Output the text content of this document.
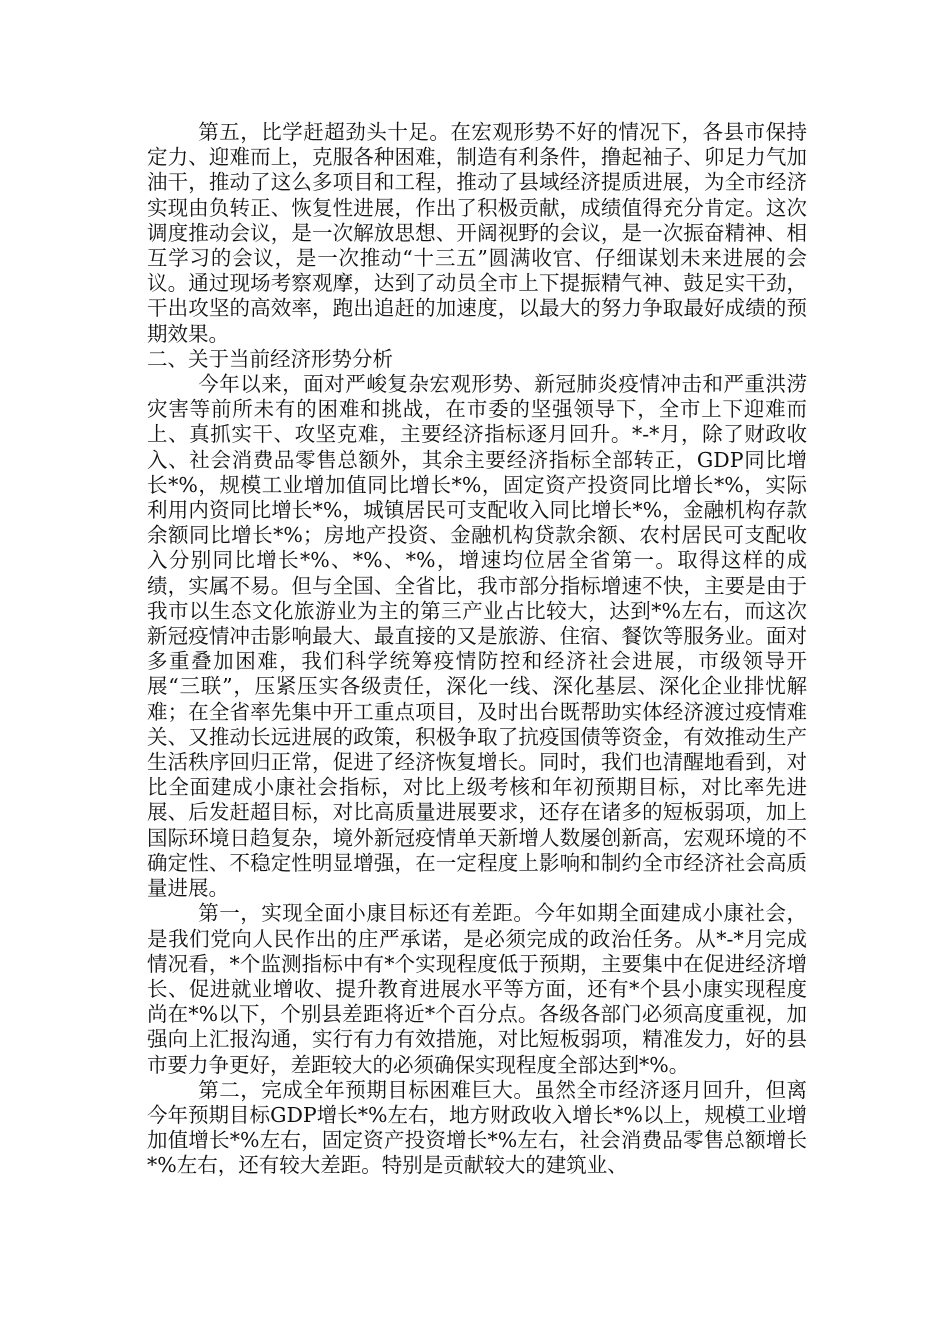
第五，比学赶超劲头十足。在宏观形势不好的情况下，各县市保持定力、迎难而上，克服各种困难，制造有利条件，撸起袖子、卯足力气加油干，推动了这么多项目和工程，推动了县域经济提质进展，为全市经济实现由负转正、恢复性进展，作出了积极贡献，成绩值得充分肯定。这次调度推动会议，是一次解放思想、开阔视野的会议，是一次振奋精神、相互学习的会议，是一次推动“十三五”圆满收官、仔细谋划未来进展的会议。通过现场考察观摩，达到了动员全市上下提振精气神、鼓足实干劲，干出攻坚的高效率，跑出追赶的加速度，以最大的努力争取最好成绩的预期效果。

二、关于当前经济形势分析

今年以来，面对严峻复杂宏观形势、新冠肺炎疫情冲击和严重洪涝灾害等前所未有的困难和挑战，在市委的坚强领导下，全市上下迎难而上、真抓实干、攻坚克难，主要经济指标逐月回升。*-*月，除了财政收入、社会消费品零售总额外，其余主要经济指标全部转正，GDP同比增长*%，规模工业增加值同比增长*%，固定资产投资同比增长*%，实际利用内资同比增长*%，城镇居民可支配收入同比增长*%，金融机构存款余额同比增长*%；房地产投资、金融机构贷款余额、农村居民可支配收入分别同比增长*%、*%、*%，增速均位居全省第一。取得这样的成绩，实属不易。但与全国、全省比，我市部分指标增速不快，主要是由于我市以生态文化旅游业为主的第三产业占比较大，达到*%左右，而这次新冠疫情冲击影响最大、最直接的又是旅游、住宿、餐饮等服务业。面对多重叠加困难，我们科学统筹疫情防控和经济社会进展，市级领导开展“三联”，压紧压实各级责任，深化一线、深化基层、深化企业排忧解难；在全省率先集中开工重点项目，及时出台既帮助实体经济渡过疫情难关、又推动长远进展的政策，积极争取了抗疫国债等资金，有效推动生产生活秩序回归正常，促进了经济恢复增长。同时，我们也清醒地看到，对比全面建成小康社会指标，对比上级考核和年初预期目标，对比率先进展、后发赶超目标，对比高质量进展要求，还存在诸多的短板弱项，加上国际环境日趋复杂，境外新冠疫情单天新增人数屡创新高，宏观环境的不确定性、不稳定性明显增强，在一定程度上影响和制约全市经济社会高质量进展。

第一，实现全面小康目标还有差距。今年如期全面建成小康社会，是我们党向人民作出的庄严承诺，是必须完成的政治任务。从*-*月完成情况看，*个监测指标中有*个实现程度低于预期，主要集中在促进经济增长、促进就业增收、提升教育进展水平等方面，还有*个县小康实现程度尚在*%以下，个别县差距将近*个百分点。各级各部门必须高度重视，加强向上汇报沟通，实行有力有效措施，对比短板弱项，精准发力，好的县市要力争更好，差距较大的必须确保实现程度全部达到*%。

第二，完成全年预期目标困难巨大。虽然全市经济逐月回升，但离今年预期目标GDP增长*%左右，地方财政收入增长*%以上，规模工业增加值增长*%左右，固定资产投资增长*%左右，社会消费品零售总额增长*%左右，还有较大差距。特别是贡献较大的建筑业、
